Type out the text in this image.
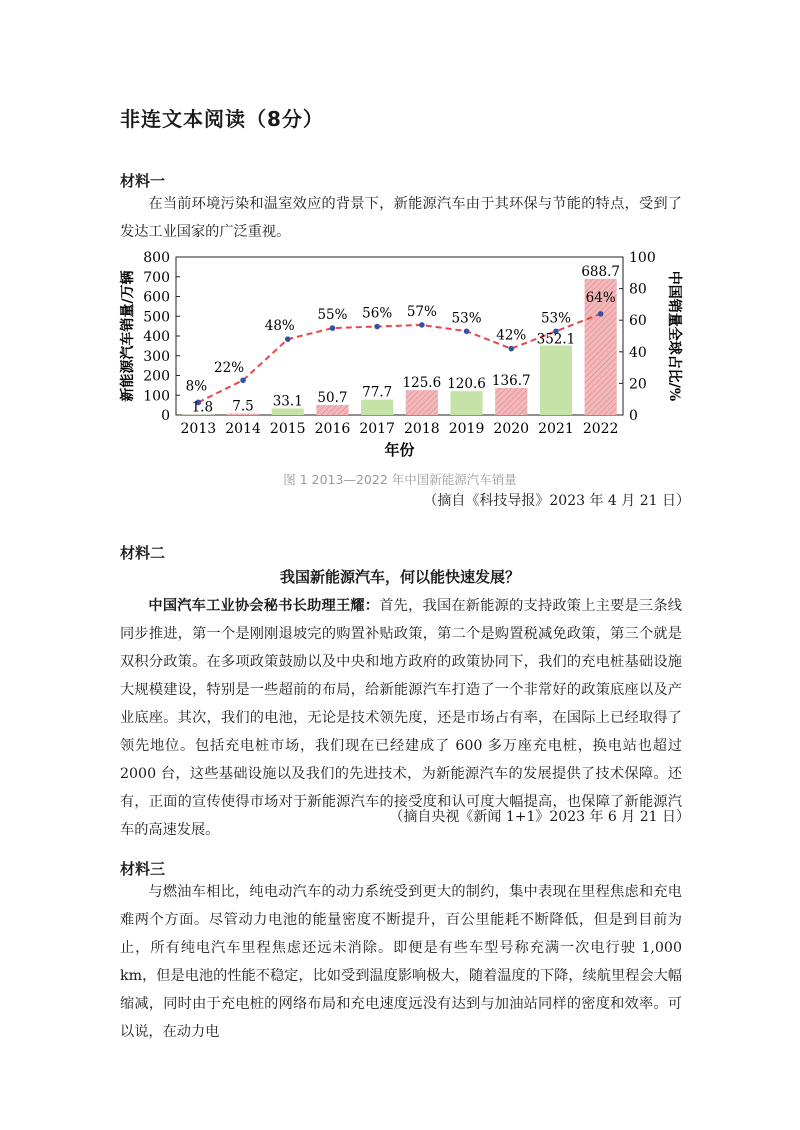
非连文本阅读（8分）
材料一
在当前环境污染和温室效应的背景下，新能源汽车由于其环保与节能的特点，受到了发达工业国家的广泛重视。
0
100
200
300
400
500
600
700
800
0
20
40
60
80
100
2013 2014 2015 2016 2017 2018 2019 2020 2021 2022
年份
新能源汽车销量/万辆	中国销量全球占比/%
1.8 7.5 33.1 50.7 77.7
125.6 120.6 136.7
352.1
688.7
8%
22%
48%
55% 56% 57% 53%
42%
53%
64%
图 1 2013—2022 年中国新能源汽车销量
（摘自《科技导报》2023 年 4 月 21 日）
材料二
我国新能源汽车，何以能快速发展？
中国汽车工业协会秘书长助理王耀：首先，我国在新能源的支持政策上主要是三条线同步推进，第一个是刚刚退坡完的购置补贴政策，第二个是购置税减免政策，第三个就是双积分政策。在多项政策鼓励以及中央和地方政府的政策协同下，我们的充电桩基础设施大规模建设，特别是一些超前的布局，给新能源汽车打造了一个非常好的政策底座以及产业底座。其次，我们的电池，无论是技术领先度，还是市场占有率，在国际上已经取得了领先地位。包括充电桩市场，我们现在已经建成了 600 多万座充电桩，换电站也超过 2000 台，这些基础设施以及我们的先进技术，为新能源汽车的发展提供了技术保障。还有，正面的宣传使得市场对于新能源汽车的接受度和认可度大幅提高，也保障了新能源汽车的高速发展。
（摘自央视《新闻 1+1》2023 年 6 月 21 日）
材料三
与燃油车相比，纯电动汽车的动力系统受到更大的制约，集中表现在里程焦虑和充电难两个方面。尽管动力电池的能量密度不断提升，百公里能耗不断降低，但是到目前为止，所有纯电汽车里程焦虑还远未消除。即便是有些车型号称充满一次电行驶 1,000 km，但是电池的性能不稳定，比如受到温度影响极大，随着温度的下降，续航里程会大幅缩减，同时由于充电桩的网络布局和充电速度远没有达到与加油站同样的密度和效率。可以说，在动力电
